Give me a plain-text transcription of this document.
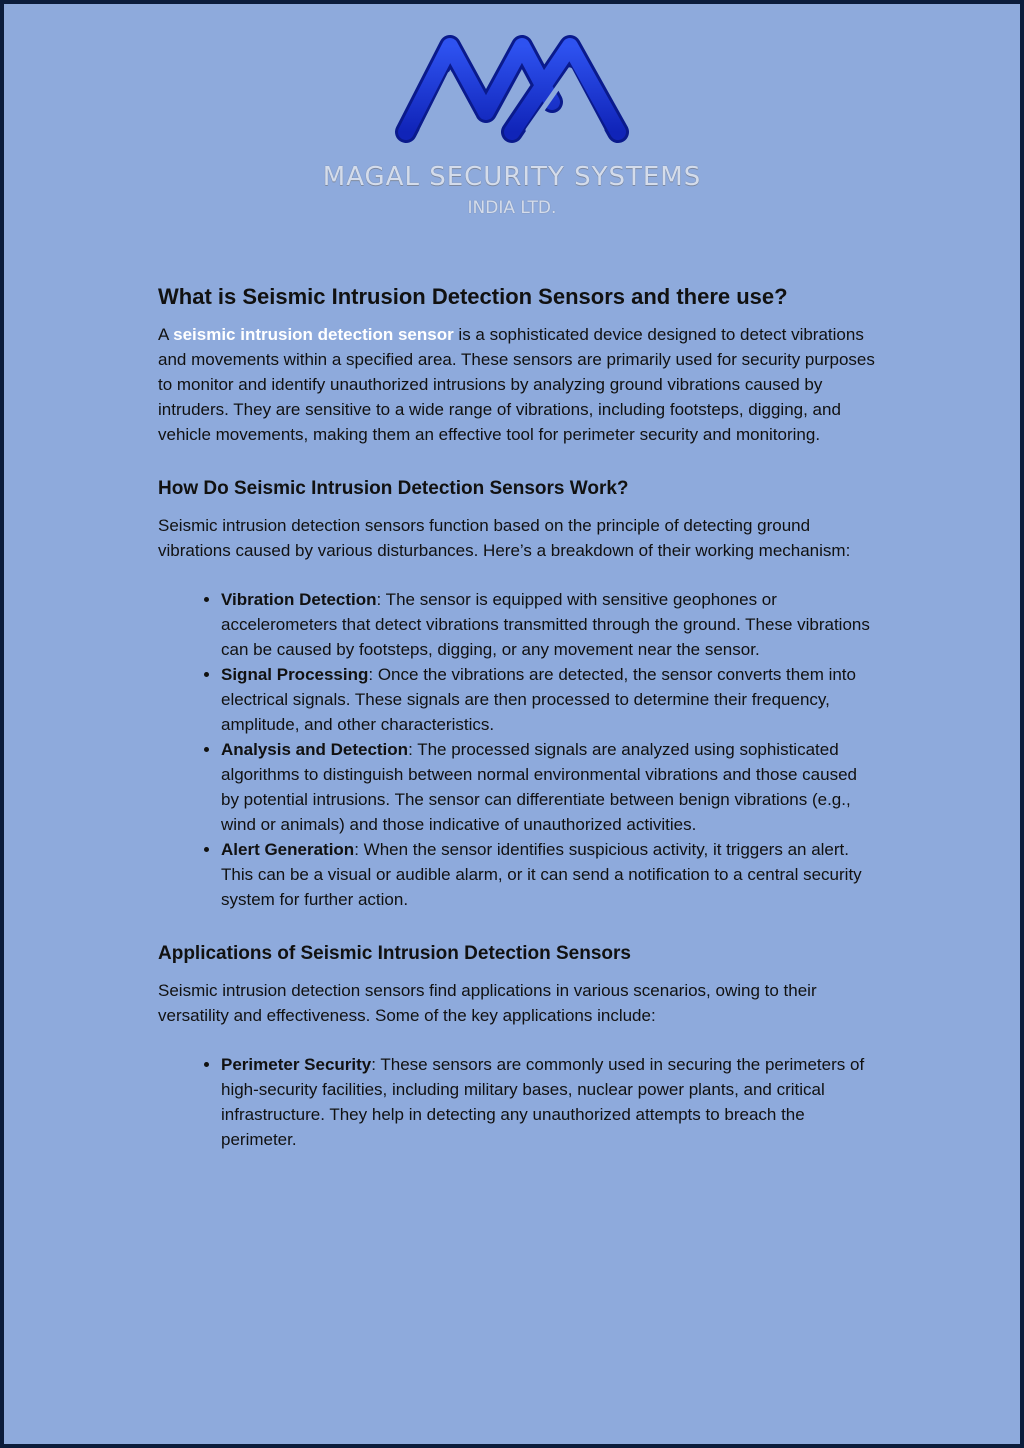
MAGAL SECURITY SYSTEMS
INDIA LTD.
What is Seismic Intrusion Detection Sensors and there use?

A seismic intrusion detection sensor is a sophisticated device designed to detect vibrations and movements within a specified area. These sensors are primarily used for security purposes to monitor and identify unauthorized intrusions by analyzing ground vibrations caused by intruders. They are sensitive to a wide range of vibrations, including footsteps, digging, and vehicle movements, making them an effective tool for perimeter security and monitoring.

How Do Seismic Intrusion Detection Sensors Work?

Seismic intrusion detection sensors function based on the principle of detecting ground vibrations caused by various disturbances. Here’s a breakdown of their working mechanism:

• Vibration Detection: The sensor is equipped with sensitive geophones or accelerometers that detect vibrations transmitted through the ground. These vibrations can be caused by footsteps, digging, or any movement near the sensor.
• Signal Processing: Once the vibrations are detected, the sensor converts them into electrical signals. These signals are then processed to determine their frequency, amplitude, and other characteristics.
• Analysis and Detection: The processed signals are analyzed using sophisticated algorithms to distinguish between normal environmental vibrations and those caused by potential intrusions. The sensor can differentiate between benign vibrations (e.g., wind or animals) and those indicative of unauthorized activities.
• Alert Generation: When the sensor identifies suspicious activity, it triggers an alert. This can be a visual or audible alarm, or it can send a notification to a central security system for further action.
Applications of Seismic Intrusion Detection Sensors

Seismic intrusion detection sensors find applications in various scenarios, owing to their versatility and effectiveness. Some of the key applications include:

• Perimeter Security: These sensors are commonly used in securing the perimeters of high-security facilities, including military bases, nuclear power plants, and critical infrastructure. They help in detecting any unauthorized attempts to breach the perimeter.
